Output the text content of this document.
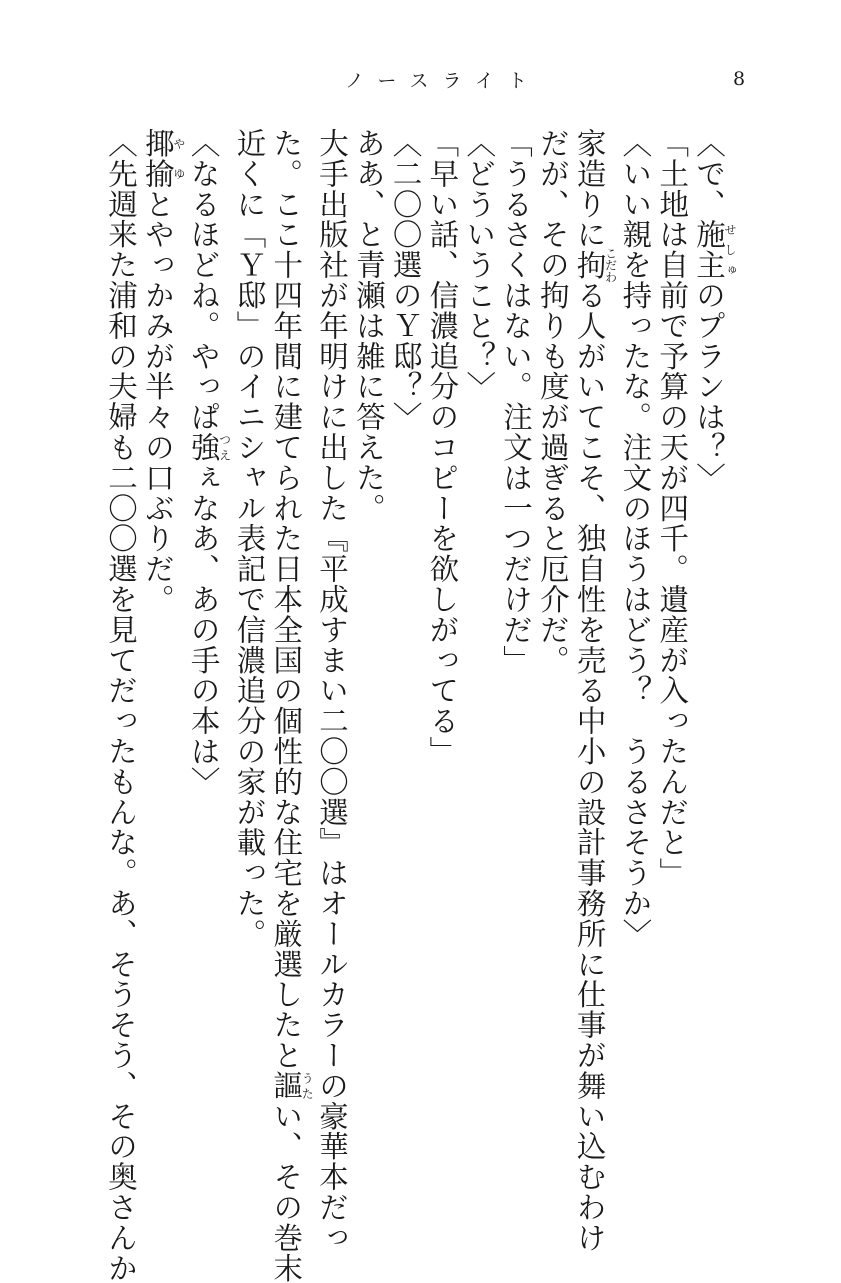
ノースライト	8
〈で、施主せしゅのプランは？〉
「土地は自前で予算の天が四千。遺産が入ったんだと」
〈いい親を持ったな。注文のほうはどう？　うるさそうか〉
家造りに拘こだわる人がいてこそ、独自性を売る中小の設計事務所に仕事が舞い込むわけ
だが、その拘りも度が過ぎると厄介だ。
「うるさくはない。注文は一つだけだ」
〈どういうこと？〉
「早い話、信濃追分のコピーを欲しがってる」
〈二〇〇選のＹ邸？〉
ああ、と青瀬は雑に答えた。
大手出版社が年明けに出した『平成すまい二〇〇選』はオールカラーの豪華本だっ
た。ここ十四年間に建てられた日本全国の個性的な住宅を厳選したと謳うたい、その巻末
近くに「Ｙ邸」のイニシャル表記で信濃追分の家が載った。
〈なるほどね。やっぱ強つえぇなあ、あの手の本は〉
揶揄やゆとやっかみが半々の口ぶりだ。
〈先週来た浦和の夫婦も二〇〇選を見てだったもんな。あ、そうそう、その奥さんか
